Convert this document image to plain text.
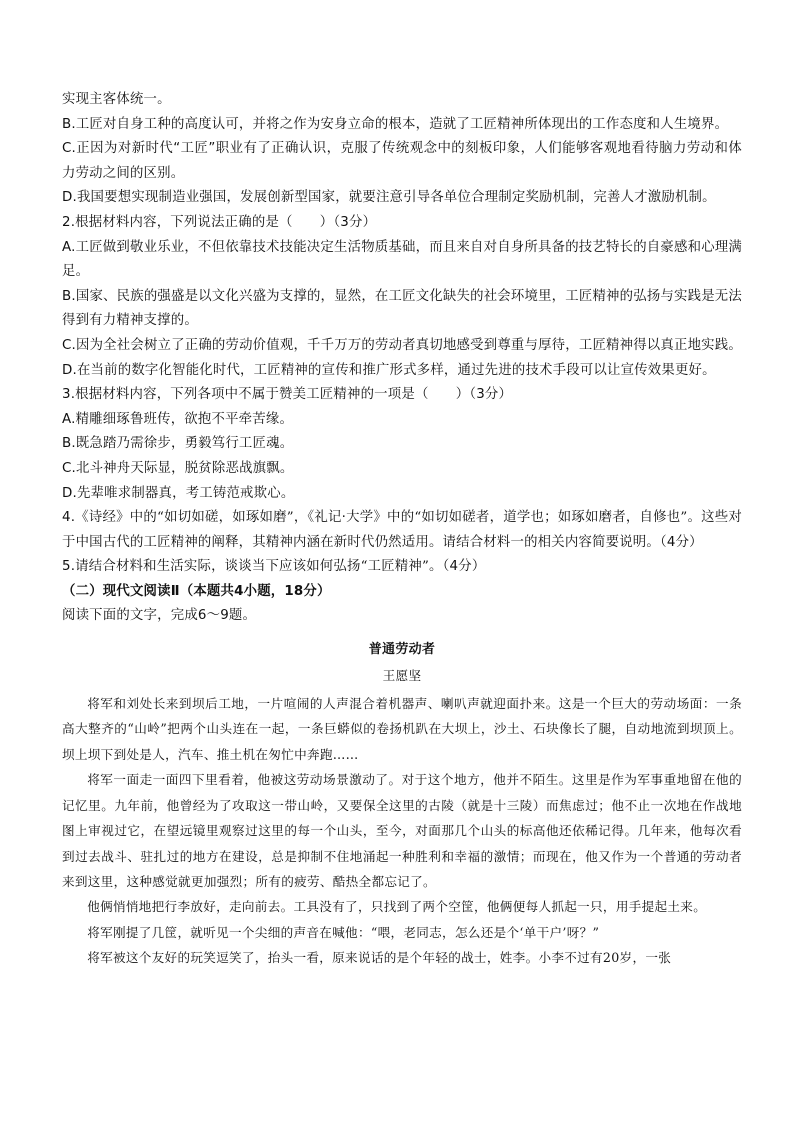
实现主客体统一。

B.工匠对自身工种的高度认可，并将之作为安身立命的根本，造就了工匠精神所体现出的工作态度和人生境界。

C.正因为对新时代“工匠”职业有了正确认识，克服了传统观念中的刻板印象，人们能够客观地看待脑力劳动和体力劳动之间的区别。

D.我国要想实现制造业强国，发展创新型国家，就要注意引导各单位合理制定奖励机制，完善人才激励机制。

2.根据材料内容，下列说法正确的是（　　）（3分）

A.工匠做到敬业乐业，不但依靠技术技能决定生活物质基础，而且来自对自身所具备的技艺特长的自豪感和心理满足。

B.国家、民族的强盛是以文化兴盛为支撑的，显然，在工匠文化缺失的社会环境里，工匠精神的弘扬与实践是无法得到有力精神支撑的。

C.因为全社会树立了正确的劳动价值观，千千万万的劳动者真切地感受到尊重与厚待，工匠精神得以真正地实践。

D.在当前的数字化智能化时代，工匠精神的宣传和推广形式多样，通过先进的技术手段可以让宣传效果更好。

3.根据材料内容，下列各项中不属于赞美工匠精神的一项是（　　）（3分）

A.精雕细琢鲁班传，欲抱不平牵苦缘。

B.既急踏乃需徐步，勇毅笃行工匠魂。

C.北斗神舟天际显，脱贫除恶战旗飘。

D.先辈唯求制器真，考工铸范戒欺心。

4.《诗经》中的“如切如磋，如琢如磨”，《礼记·大学》中的“如切如磋者，道学也；如琢如磨者，自修也”。这些对于中国古代的工匠精神的阐释，其精神内涵在新时代仍然适用。请结合材料一的相关内容简要说明。（4分）

5.请结合材料和生活实际，谈谈当下应该如何弘扬“工匠精神”。（4分）

（二）现代文阅读Ⅱ（本题共4小题，18分）

阅读下面的文字，完成6～9题。

普通劳动者

王愿坚

将军和刘处长来到坝后工地，一片喧闹的人声混合着机器声、喇叭声就迎面扑来。这是一个巨大的劳动场面：一条高大整齐的“山岭”把两个山头连在一起，一条巨蟒似的卷扬机趴在大坝上，沙土、石块像长了腿，自动地流到坝顶上。坝上坝下到处是人，汽车、推土机在匆忙中奔跑……

将军一面走一面四下里看着，他被这劳动场景激动了。对于这个地方，他并不陌生。这里是作为军事重地留在他的记忆里。九年前，他曾经为了攻取这一带山岭，又要保全这里的古陵（就是十三陵）而焦虑过；他不止一次地在作战地图上审视过它，在望远镜里观察过这里的每一个山头，至今，对面那几个山头的标高他还依稀记得。几年来，他每次看到过去战斗、驻扎过的地方在建设，总是抑制不住地涌起一种胜利和幸福的激情；而现在，他又作为一个普通的劳动者来到这里，这种感觉就更加强烈；所有的疲劳、酷热全都忘记了。

他俩悄悄地把行李放好，走向前去。工具没有了，只找到了两个空筐，他俩便每人抓起一只，用手提起土来。

将军刚提了几筐，就听见一个尖细的声音在喊他：“喂，老同志，怎么还是个‘单干户’呀？”

将军被这个友好的玩笑逗笑了，抬头一看，原来说话的是个年轻的战士，姓李。小李不过有20岁，一张
